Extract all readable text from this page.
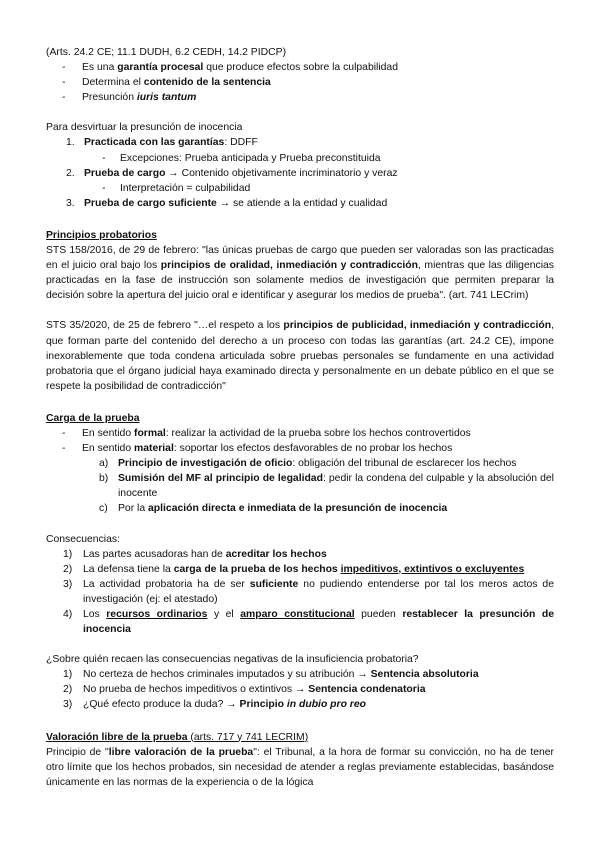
(Arts. 24.2 CE; 11.1 DUDH, 6.2 CEDH, 14.2 PIDCP)

-	Es una garantía procesal que produce efectos sobre la culpabilidad
-	Determina el contenido de la sentencia
-	Presunción iuris tantum

Para desvirtuar la presunción de inocencia

1. Practicada con las garantías: DDFF
-	Excepciones: Prueba anticipada y Prueba preconstituida
2. Prueba de cargo → Contenido objetivamente incriminatorio y veraz
-	Interpretación = culpabilidad
3. Prueba de cargo suficiente → se atiende a la entidad y cualidad

Principios probatorios

STS 158/2016, de 29 de febrero: "las únicas pruebas de cargo que pueden ser valoradas son las practicadas en el juicio oral bajo los principios de oralidad, inmediación y contradicción, mientras que las diligencias practicadas en la fase de instrucción son solamente medios de investigación que permiten preparar la decisión sobre la apertura del juicio oral e identificar y asegurar los medios de prueba". (art. 741 LECrim)

STS 35/2020, de 25 de febrero "…el respeto a los principios de publicidad, inmediación y contradicción, que forman parte del contenido del derecho a un proceso con todas las garantías (art. 24.2 CE), impone inexorablemente que toda condena articulada sobre pruebas personales se fundamente en una actividad probatoria que el órgano judicial haya examinado directa y personalmente en un debate público en el que se respete la posibilidad de contradicción"

Carga de la prueba

-	En sentido formal: realizar la actividad de la prueba sobre los hechos controvertidos
-	En sentido material: soportar los efectos desfavorables de no probar los hechos
a) Principio de investigación de oficio: obligación del tribunal de esclarecer los hechos
b) Sumisión del MF al principio de legalidad: pedir la condena del culpable y la absolución del inocente
c) Por la aplicación directa e inmediata de la presunción de inocencia

Consecuencias:

1)	Las partes acusadoras han de acreditar los hechos
2)	La defensa tiene la carga de la prueba de los hechos impeditivos, extintivos o excluyentes
3)	La actividad probatoria ha de ser suficiente no pudiendo entenderse por tal los meros actos de investigación (ej: el atestado)
4)	Los recursos ordinarios y el amparo constitucional pueden restablecer la presunción de inocencia

¿Sobre quién recaen las consecuencias negativas de la insuficiencia probatoria?

1)	No certeza de hechos criminales imputados y su atribución → Sentencia absolutoria
2)	No prueba de hechos impeditivos o extintivos → Sentencia condenatoria
3)	¿Qué efecto produce la duda? → Principio in dubio pro reo

Valoración libre de la prueba (arts. 717 y 741 LECRIM)

Principio de "libre valoración de la prueba": el Tribunal, a la hora de formar su convicción, no ha de tener otro límite que los hechos probados, sin necesidad de atender a reglas previamente establecidas, basándose únicamente en las normas de la experiencia o de la lógica
